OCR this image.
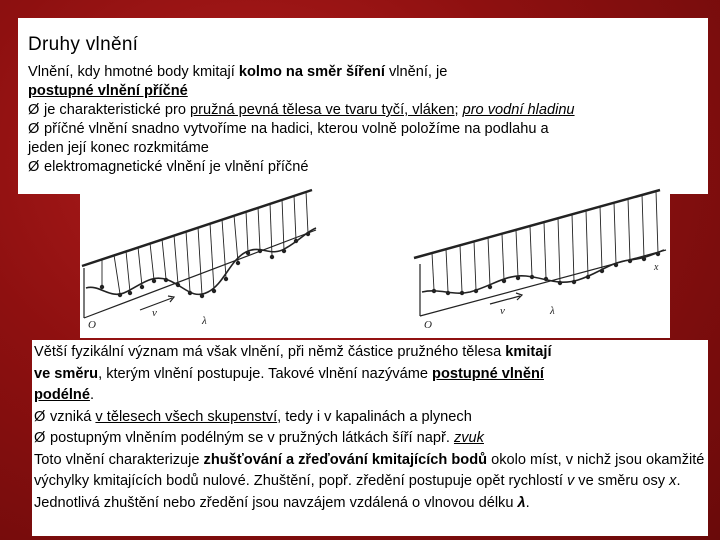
Druhy vlnění

Vlnění, kdy hmotné body kmitají kolmo na směr šíření vlnění, je

postupné vlnění příčné

Ø je charakteristické pro pružná pevná tělesa ve tvaru tyčí, vláken; pro vodní hladinu

Ø příčné vlnění snadno vytvoříme na hadici, kterou volně položíme na podlahu a

jeden její konec rozkmitáme

Ø elektromagnetické vlnění je vlnění příčné

O
v
λ	O
v	λ
x

Větší fyzikální význam má však vlnění, při němž částice pružného tělesa kmitají
ve směru, kterým vlnění postupuje. Takové vlnění nazýváme postupné vlnění
podélné.

Ø vzniká v tělesech všech skupenství, tedy i v kapalinách a plynech

Ø postupným vlněním podélným se v pružných látkách šíří např. zvuk

Toto vlnění charakterizuje zhušťování a zřeďování kmitajících bodů okolo míst, v nichž jsou okamžité výchylky kmitajících bodů nulové. Zhuštění, popř. zředění postupuje opět rychlostí v ve směru osy x. Jednotlivá zhuštění nebo zředění jsou navzájem vzdálená o vlnovou délku λ.
